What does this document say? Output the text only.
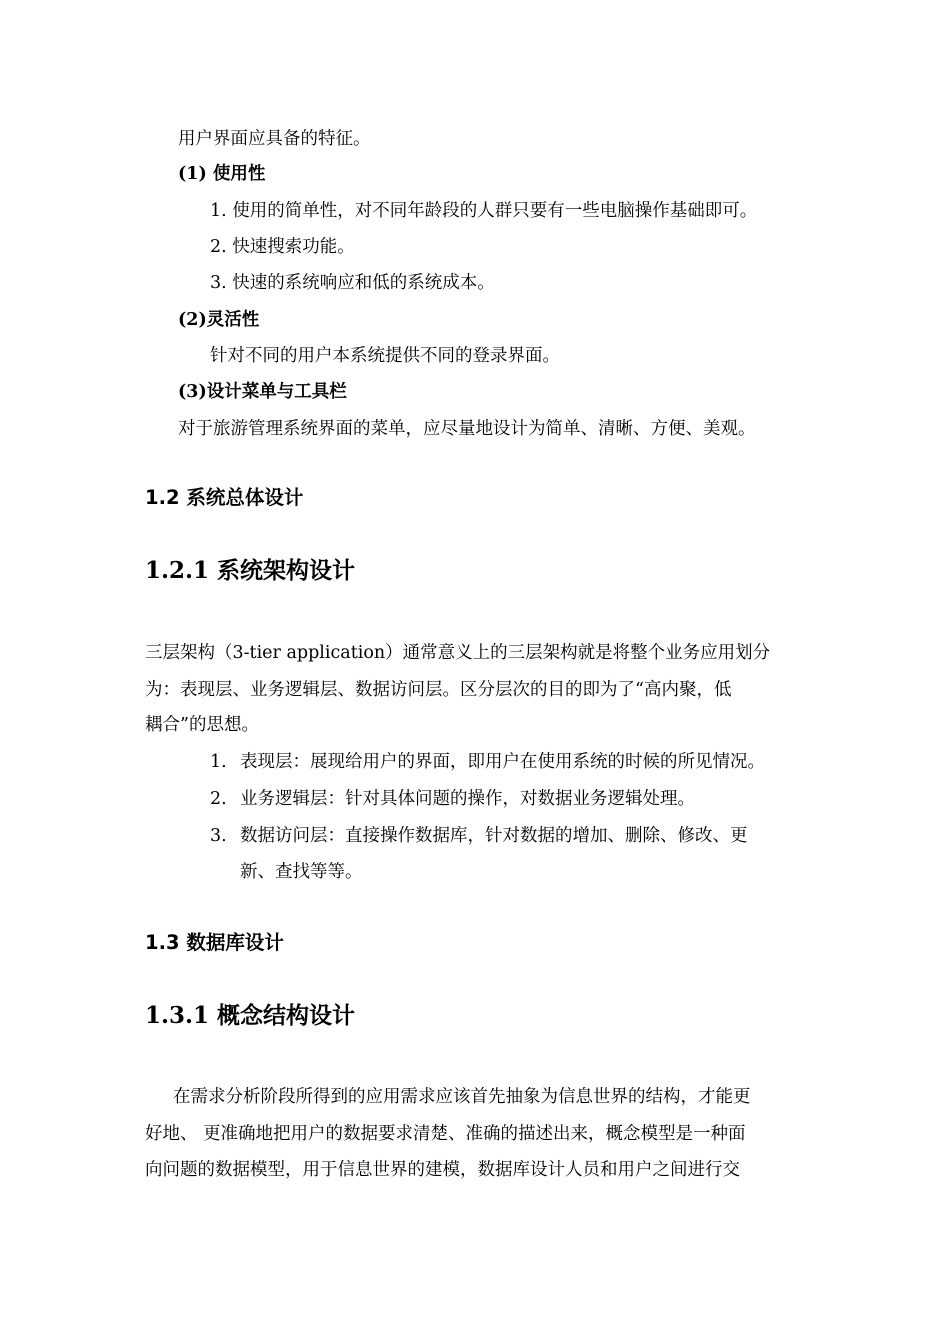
用户界面应具备的特征。
(1) 使用性
1. 使用的简单性，对不同年龄段的人群只要有一些电脑操作基础即可。
2. 快速搜索功能。
3. 快速的系统响应和低的系统成本。
(2)灵活性
针对不同的用户本系统提供不同的登录界面。
(3)设计菜单与工具栏
对于旅游管理系统界面的菜单，应尽量地设计为简单、清晰、方便、美观。
1.2 系统总体设计
1.2.1 系统架构设计
三层架构（3-tier application）通常意义上的三层架构就是将整个业务应用划分
为：表现层、业务逻辑层、数据访问层。区分层次的目的即为了“高内聚，低
耦合”的思想。
1. 表现层：展现给用户的界面，即用户在使用系统的时候的所见情况。
2. 业务逻辑层：针对具体问题的操作，对数据业务逻辑处理。
3. 数据访问层：直接操作数据库，针对数据的增加、删除、修改、更
新、查找等等。
1.3 数据库设计
1.3.1 概念结构设计
在需求分析阶段所得到的应用需求应该首先抽象为信息世界的结构，才能更
好地、 更准确地把用户的数据要求清楚、准确的描述出来，概念模型是一种面
向问题的数据模型，用于信息世界的建模，数据库设计人员和用户之间进行交
